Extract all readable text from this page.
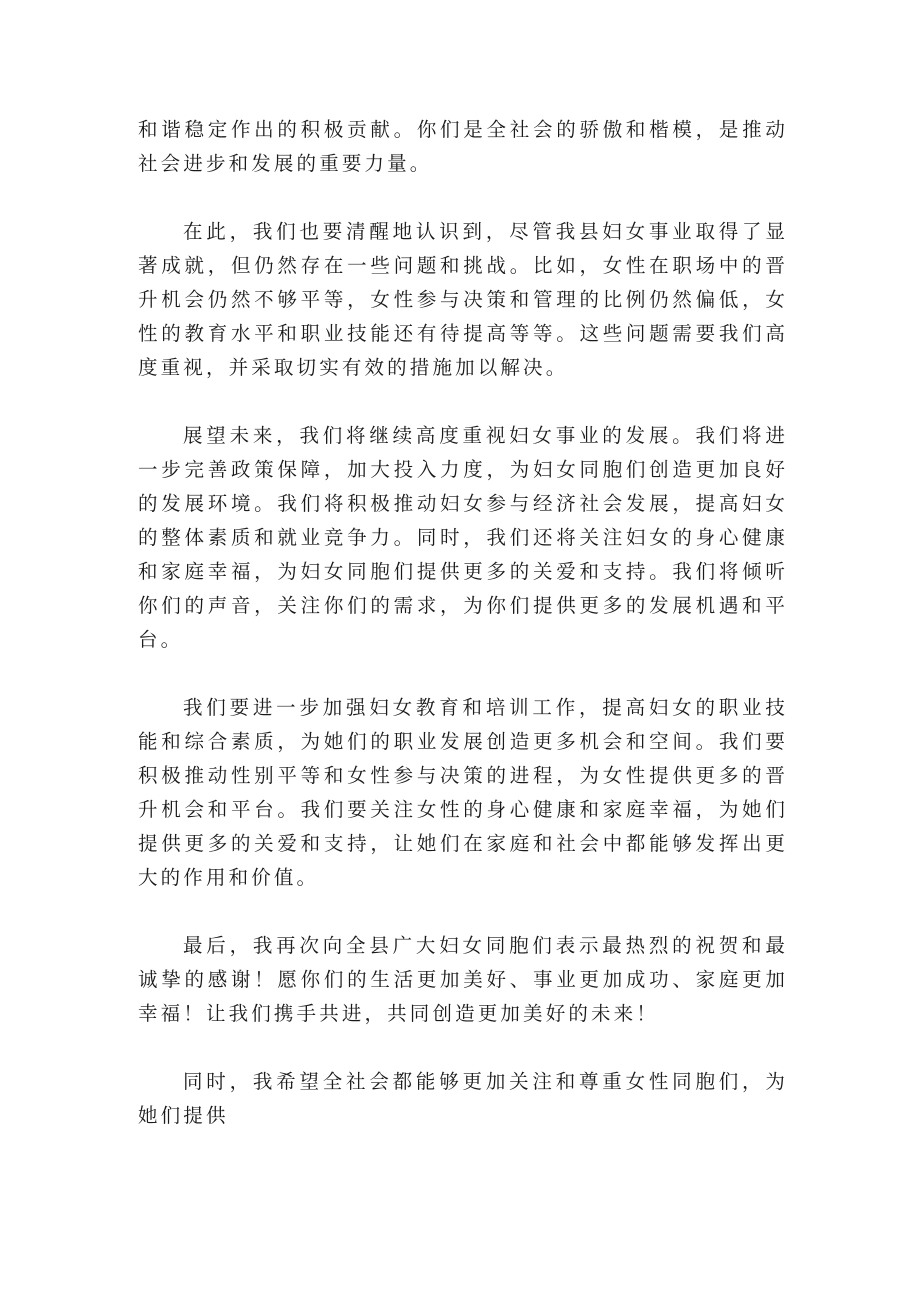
和谐稳定作出的积极贡献。你们是全社会的骄傲和楷模，是推动社会进步和发展的重要力量。

在此，我们也要清醒地认识到，尽管我县妇女事业取得了显著成就，但仍然存在一些问题和挑战。比如，女性在职场中的晋升机会仍然不够平等，女性参与决策和管理的比例仍然偏低，女性的教育水平和职业技能还有待提高等等。这些问题需要我们高度重视，并采取切实有效的措施加以解决。

展望未来，我们将继续高度重视妇女事业的发展。我们将进一步完善政策保障，加大投入力度，为妇女同胞们创造更加良好的发展环境。我们将积极推动妇女参与经济社会发展，提高妇女的整体素质和就业竞争力。同时，我们还将关注妇女的身心健康和家庭幸福，为妇女同胞们提供更多的关爱和支持。我们将倾听你们的声音，关注你们的需求，为你们提供更多的发展机遇和平台。

我们要进一步加强妇女教育和培训工作，提高妇女的职业技能和综合素质，为她们的职业发展创造更多机会和空间。我们要积极推动性别平等和女性参与决策的进程，为女性提供更多的晋升机会和平台。我们要关注女性的身心健康和家庭幸福，为她们提供更多的关爱和支持，让她们在家庭和社会中都能够发挥出更大的作用和价值。

最后，我再次向全县广大妇女同胞们表示最热烈的祝贺和最诚挚的感谢！愿你们的生活更加美好、事业更加成功、家庭更加幸福！让我们携手共进，共同创造更加美好的未来！

同时，我希望全社会都能够更加关注和尊重女性同胞们，为她们提供
